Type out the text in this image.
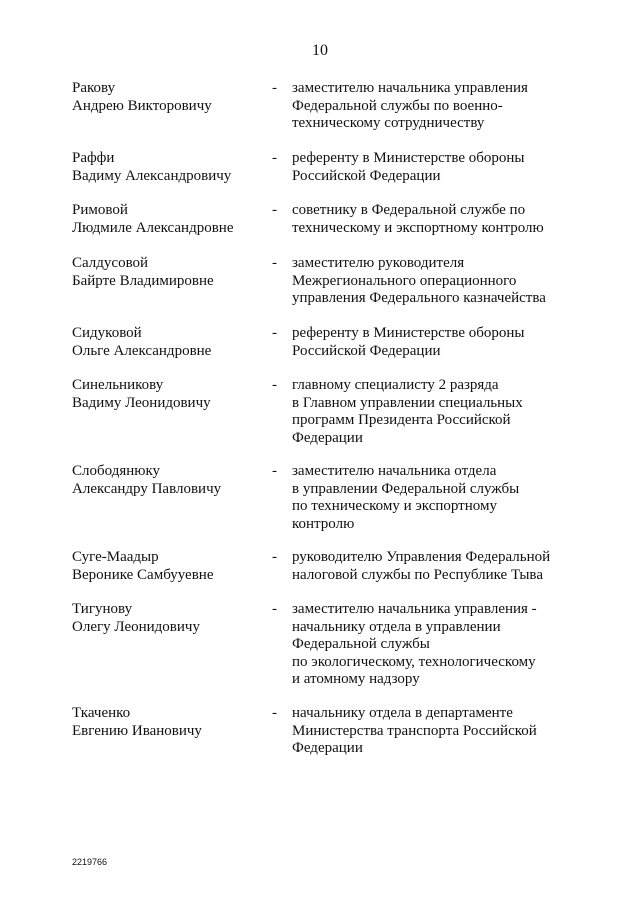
10
Ракову
Андрею Викторовичу
- заместителю начальника управления
Федеральной службы по военно-
техническому сотрудничеству
Раффи
Вадиму Александровичу
- референту в Министерстве обороны
Российской Федерации
Римовой
Людмиле Александровне
- советнику в Федеральной службе по
техническому и экспортному контролю
Салдусовой
Байрте Владимировне
- заместителю руководителя
Межрегионального операционного
управления Федерального казначейства
Сидуковой
Ольге Александровне
- референту в Министерстве обороны
Российской Федерации
Синельникову
Вадиму Леонидовичу
- главному специалисту 2 разряда
в Главном управлении специальных
программ Президента Российской
Федерации
Слободянюку
Александру Павловичу
- заместителю начальника отдела
в управлении Федеральной службы
по техническому и экспортному
контролю
Суге-Маадыр
Веронике Самбууевне
- руководителю Управления Федеральной
налоговой службы по Республике Тыва
Тигунову
Олегу Леонидовичу
- заместителю начальника управления -
начальнику отдела в управлении
Федеральной службы
по экологическому, технологическому
и атомному надзору
Ткаченко
Евгению Ивановичу
- начальнику отдела в департаменте
Министерства транспорта Российской
Федерации
2219766
